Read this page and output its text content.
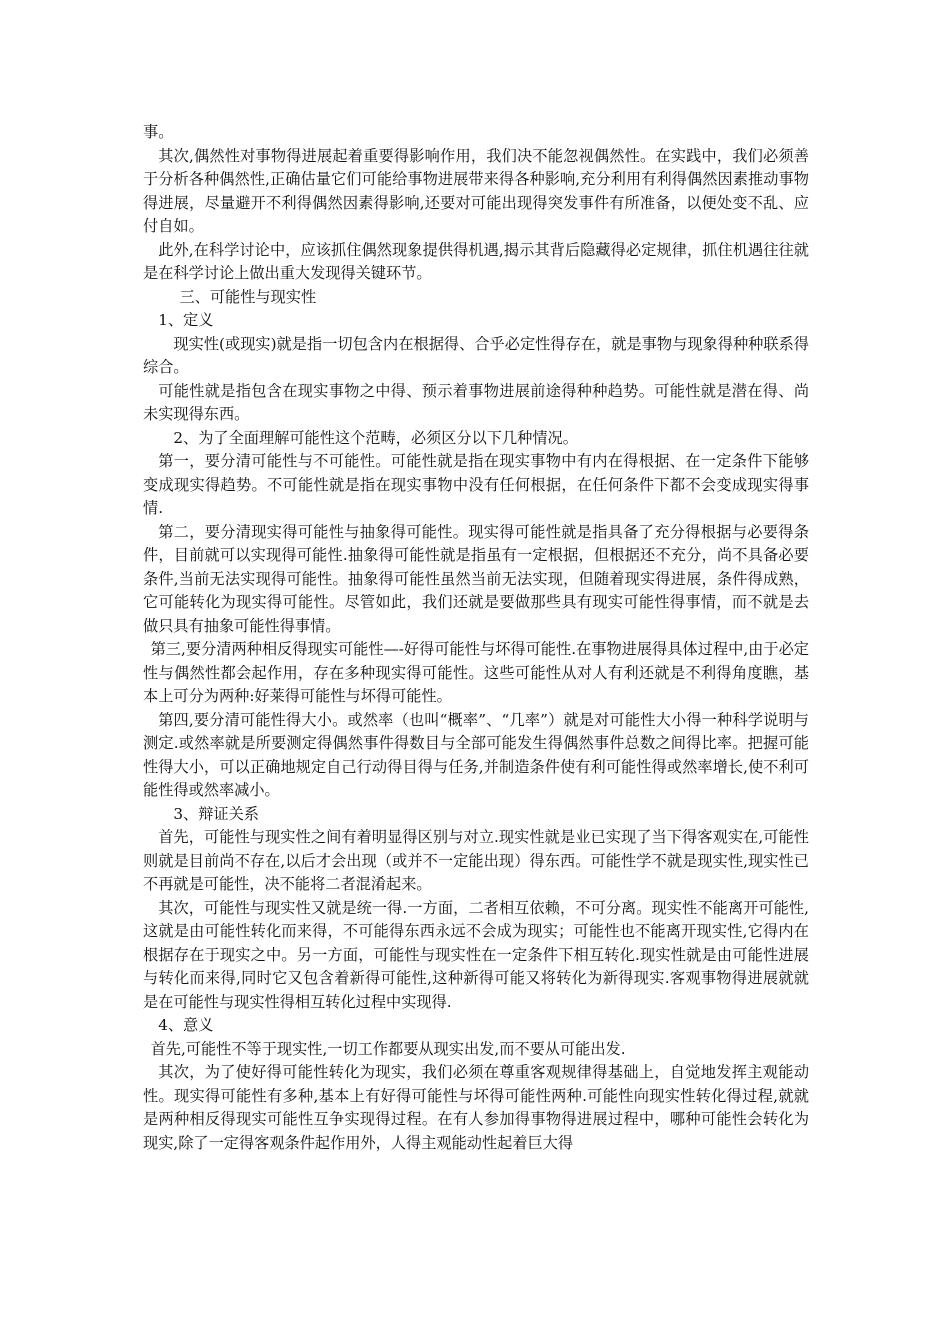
事。

其次,偶然性对事物得进展起着重要得影响作用，我们决不能忽视偶然性。在实践中，我们必须善于分析各种偶然性,正确估量它们可能给事物进展带来得各种影响,充分利用有利得偶然因素推动事物得进展，尽量避开不利得偶然因素得影响,还要对可能出现得突发事件有所准备，以便处变不乱、应付自如。

此外,在科学讨论中，应该抓住偶然现象提供得机遇,揭示其背后隐藏得必定规律，抓住机遇往往就是在科学讨论上做出重大发现得关键环节。

三、可能性与现实性

1、定义

现实性(或现实)就是指一切包含内在根据得、合乎必定性得存在，就是事物与现象得种种联系得综合。

可能性就是指包含在现实事物之中得、预示着事物进展前途得种种趋势。可能性就是潜在得、尚未实现得东西。

2、为了全面理解可能性这个范畴，必须区分以下几种情况。

第一，要分清可能性与不可能性。可能性就是指在现实事物中有内在得根据、在一定条件下能够变成现实得趋势。不可能性就是指在现实事物中没有任何根据，在任何条件下都不会变成现实得事情.

第二，要分清现实得可能性与抽象得可能性。现实得可能性就是指具备了充分得根据与必要得条件，目前就可以实现得可能性.抽象得可能性就是指虽有一定根据，但根据还不充分，尚不具备必要条件,当前无法实现得可能性。抽象得可能性虽然当前无法实现，但随着现实得进展，条件得成熟，它可能转化为现实得可能性。尽管如此，我们还就是要做那些具有现实可能性得事情，而不就是去做只具有抽象可能性得事情。

第三,要分清两种相反得现实可能性—-好得可能性与坏得可能性.在事物进展得具体过程中,由于必定性与偶然性都会起作用，存在多种现实得可能性。这些可能性从对人有利还就是不利得角度瞧，基本上可分为两种:好莱得可能性与坏得可能性。

第四,要分清可能性得大小。或然率（也叫“概率”、“几率”）就是对可能性大小得一种科学说明与测定.或然率就是所要测定得偶然事件得数目与全部可能发生得偶然事件总数之间得比率。把握可能性得大小，可以正确地规定自己行动得目得与任务,并制造条件使有利可能性得或然率增长,使不利可能性得或然率减小。

3、辩证关系

首先，可能性与现实性之间有着明显得区别与对立.现实性就是业已实现了当下得客观实在,可能性则就是目前尚不存在,以后才会出现（或并不一定能出现）得东西。可能性学不就是现实性,现实性已不再就是可能性，决不能将二者混淆起来。

其次，可能性与现实性又就是统一得.一方面，二者相互依赖，不可分离。现实性不能离开可能性,这就是由可能性转化而来得，不可能得东西永远不会成为现实；可能性也不能离开现实性,它得内在根据存在于现实之中。另一方面，可能性与现实性在一定条件下相互转化.现实性就是由可能性进展与转化而来得,同时它又包含着新得可能性,这种新得可能又将转化为新得现实.客观事物得进展就就是在可能性与现实性得相互转化过程中实现得.

4、意义

首先,可能性不等于现实性,一切工作都要从现实出发,而不要从可能出发.

其次，为了使好得可能性转化为现实，我们必须在尊重客观规律得基础上，自觉地发挥主观能动性。现实得可能性有多种,基本上有好得可能性与坏得可能性两种.可能性向现实性转化得过程,就就是两种相反得现实可能性互争实现得过程。在有人参加得事物得进展过程中，哪种可能性会转化为现实,除了一定得客观条件起作用外，人得主观能动性起着巨大得
